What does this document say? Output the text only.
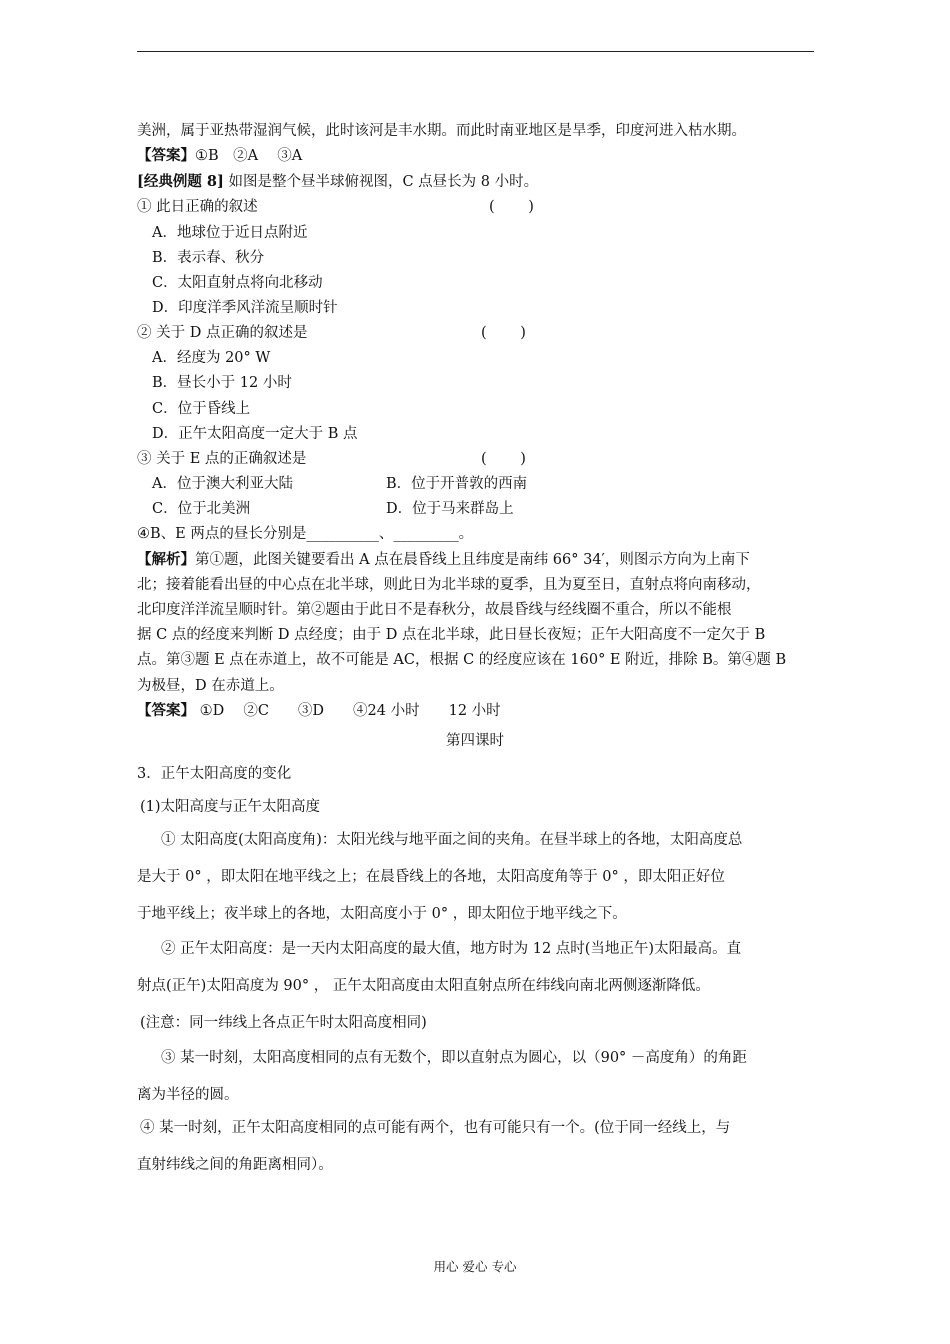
美洲，属于亚热带湿润气候，此时该河是丰水期。而此时南亚地区是旱季，印度河进入枯水期。
【答案】①B　②A　 ③A
[经典例题 8] 如图是整个昼半球俯视图，C 点昼长为 8 小时。
① 此日正确的叙述	(　　 )
A．地球位于近日点附近
B．表示春、秋分
C．太阳直射点将向北移动
D．印度洋季风洋流呈顺时针
② 关于 D 点正确的叙述是	(　　 )
A．经度为 20° W
B．昼长小于 12 小时
C．位于昏线上
D．正午太阳高度一定大于 B 点
③ 关于 E 点的正确叙述是	(　　 )
A．位于澳大利亚大陆	B．位于开普敦的西南
C．位于北美洲	D．位于马来群岛上
④B、E 两点的昼长分别是__________、_________。
【解析】第①题，此图关键要看出 A 点在晨昏线上且纬度是南纬 66° 34′，则图示方向为上南下
北；接着能看出昼的中心点在北半球，则此日为北半球的夏季，且为夏至日，直射点将向南移动，
北印度洋洋流呈顺时针。第②题由于此日不是春秋分，故晨昏线与经线圈不重合，所以不能根
据 C 点的经度来判断 D 点经度；由于 D 点在北半球，此日昼长夜短；正午大阳高度不一定欠于 B
点。第③题 E 点在赤道上，故不可能是 AC，根据 C 的经度应该在 160° E 附近，排除 B。第④题 B
为极昼，D 在赤道上。
【答案】 ①D　 ②C　　③D　　④24 小时　　12 小时
第四课时
3．正午太阳高度的变化
(1)太阳高度与正午太阳高度
① 太阳高度(太阳高度角)：太阳光线与地平面之间的夹角。在昼半球上的各地，太阳高度总
是大于 0° ，即太阳在地平线之上；在晨昏线上的各地，太阳高度角等于 0° ，即太阳正好位
于地平线上；夜半球上的各地，太阳高度小于 0° ，即太阳位于地平线之下。
② 正午太阳高度：是一天内太阳高度的最大值，地方时为 12 点时(当地正午)太阳最高。直
射点(正午)太阳高度为 90° ， 正午太阳高度由太阳直射点所在纬线向南北两侧逐渐降低。
(注意：同一纬线上各点正午时太阳高度相同)
③ 某一时刻，太阳高度相同的点有无数个，即以直射点为圆心，以（90° －高度角）的角距
离为半径的圆。
④ 某一时刻，正午太阳高度相同的点可能有两个，也有可能只有一个。(位于同一经线上，与
直射纬线之间的角距离相同）。
用心 爱心 专心
